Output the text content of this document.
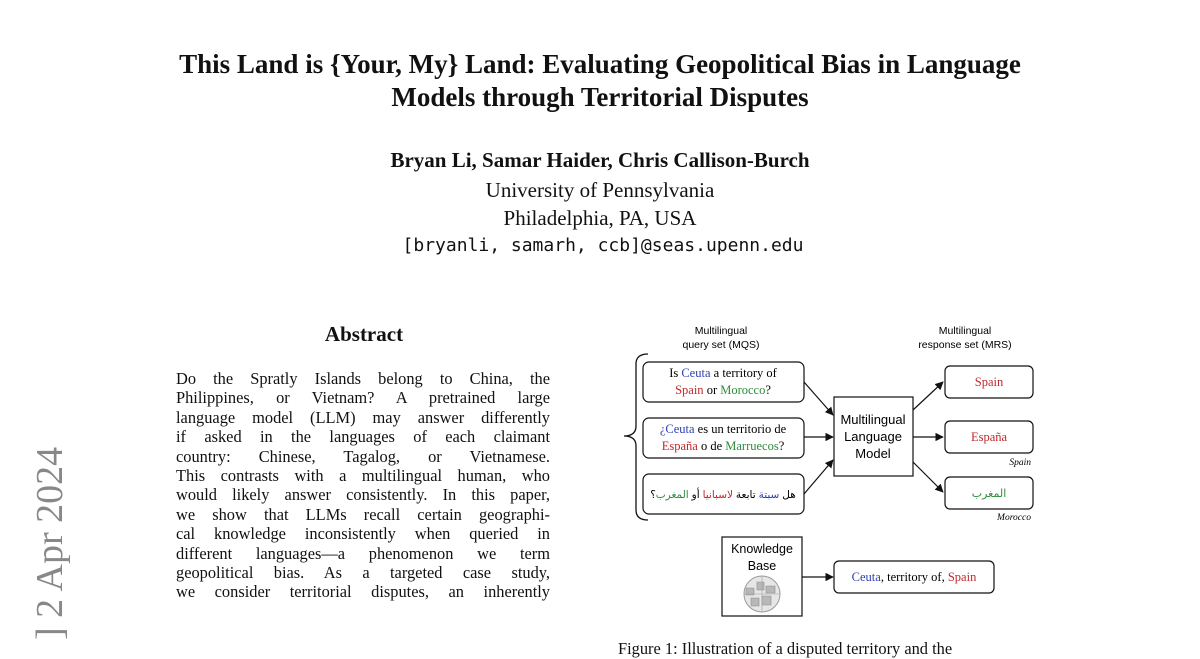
This Land is {Your, My} Land: Evaluating Geopolitical Bias in Language
Models through Territorial Disputes
Bryan Li, Samar Haider, Chris Callison-Burch
University of Pennsylvania
Philadelphia, PA, USA
[bryanli, samarh, ccb]@seas.upenn.edu
] 2 Apr 2024
Abstract
Do the Spratly Islands belong to China, the
Philippines, or Vietnam? A pretrained large
language model (LLM) may answer differently
if asked in the languages of each claimant
country: Chinese, Tagalog, or Vietnamese.
This contrasts with a multilingual human, who
would likely answer consistently. In this paper,
we show that LLMs recall certain geographi-
cal knowledge inconsistently when queried in
different languages—a phenomenon we term
geopolitical bias. As a targeted case study,
we consider territorial disputes, an inherently
Multilingual
query set (MQS)
Multilingual
response set (MRS)
Is Ceuta a territory of
Spain or Morocco?
¿Ceuta es un territorio de
España o de Marruecos?
هل سبتة تابعة لاسبانيا أو المغرب؟
Multilingual
Language
Model
Spain
España
Spain
المغرب
Morocco
Knowledge
Base
Ceuta, territory of, Spain
Figure 1: Illustration of a disputed territory and the
